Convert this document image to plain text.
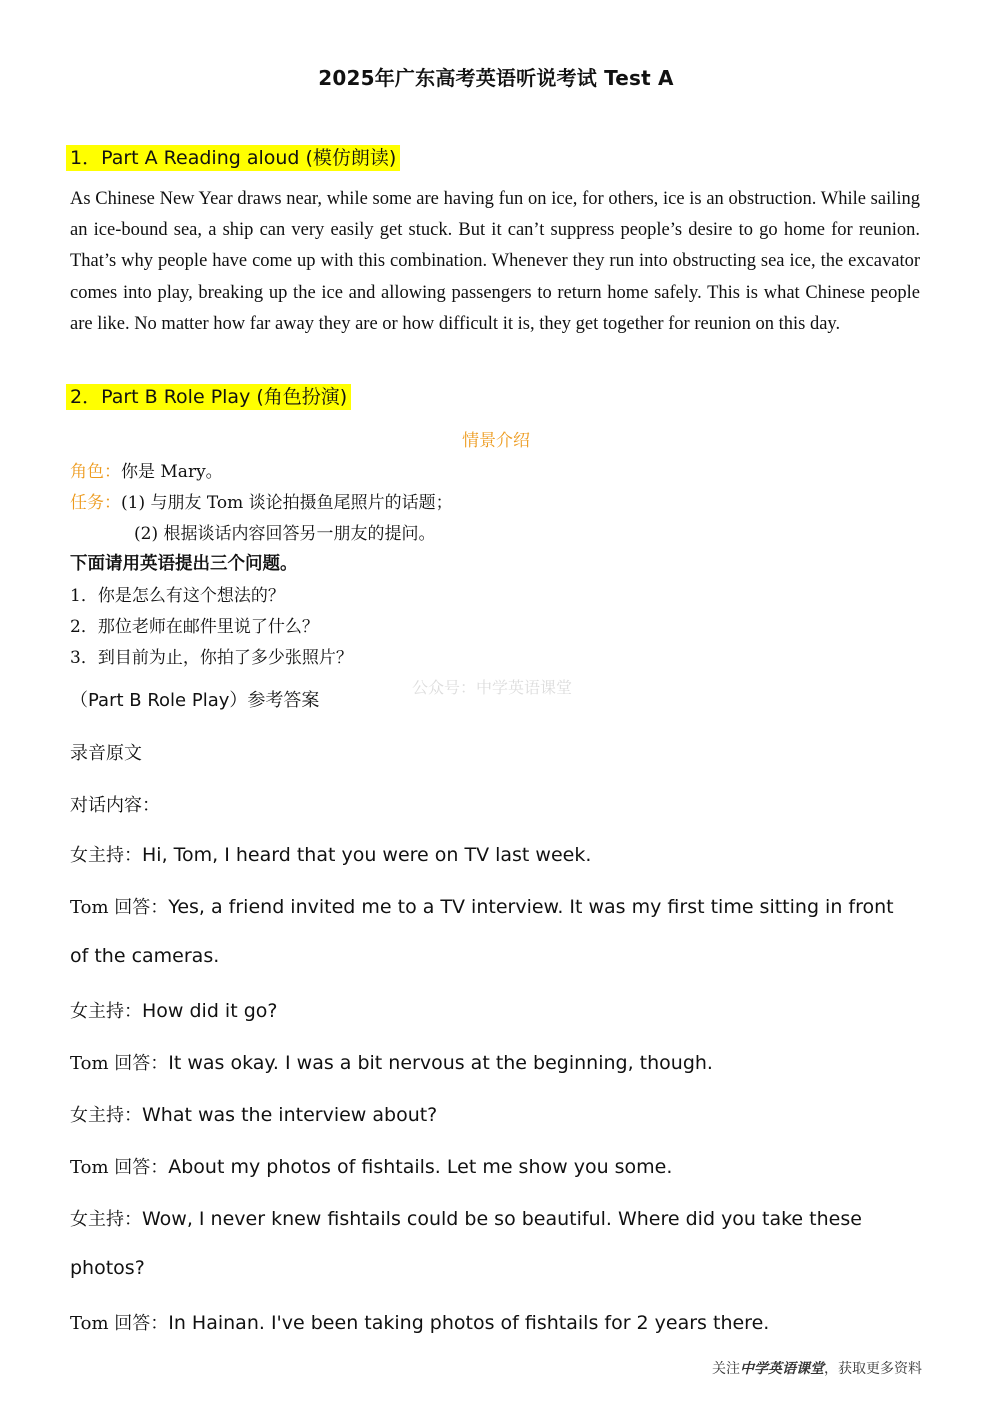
2025年广东高考英语听说考试 Test A
1．Part A Reading aloud (模仿朗读)
As Chinese New Year draws near, while some are having fun on ice, for others, ice is an obstruction. While sailing an ice-bound sea, a ship can very easily get stuck. But it can’t suppress people’s desire to go home for reunion. That’s why people have come up with this combination. Whenever they run into obstructing sea ice, the excavator comes into play, breaking up the ice and allowing passengers to return home safely. This is what Chinese people are like. No matter how far away they are or how difficult it is, they get together for reunion on this day.
2．Part B Role Play (角色扮演)
情景介绍
角色：你是 Mary。
任务：(1) 与朋友 Tom 谈论拍摄鱼尾照片的话题；
(2) 根据谈话内容回答另一朋友的提问。
下面请用英语提出三个问题。
1．你是怎么有这个想法的？
2．那位老师在邮件里说了什么？
3．到目前为止，你拍了多少张照片？
公众号：中学英语课堂
（Part B Role Play）参考答案
录音原文
对话内容：
女主持：Hi, Tom, I heard that you were on TV last week.
Tom 回答：Yes, a friend invited me to a TV interview. It was my first time sitting in front
of the cameras.
女主持：How did it go?
Tom 回答：It was okay. I was a bit nervous at the beginning, though.
女主持：What was the interview about?
Tom 回答：About my photos of fishtails. Let me show you some.
女主持：Wow, I never knew fishtails could be so beautiful. Where did you take these
photos?
Tom 回答：In Hainan. I've been taking photos of fishtails for 2 years there.
关注中学英语课堂，获取更多资料
